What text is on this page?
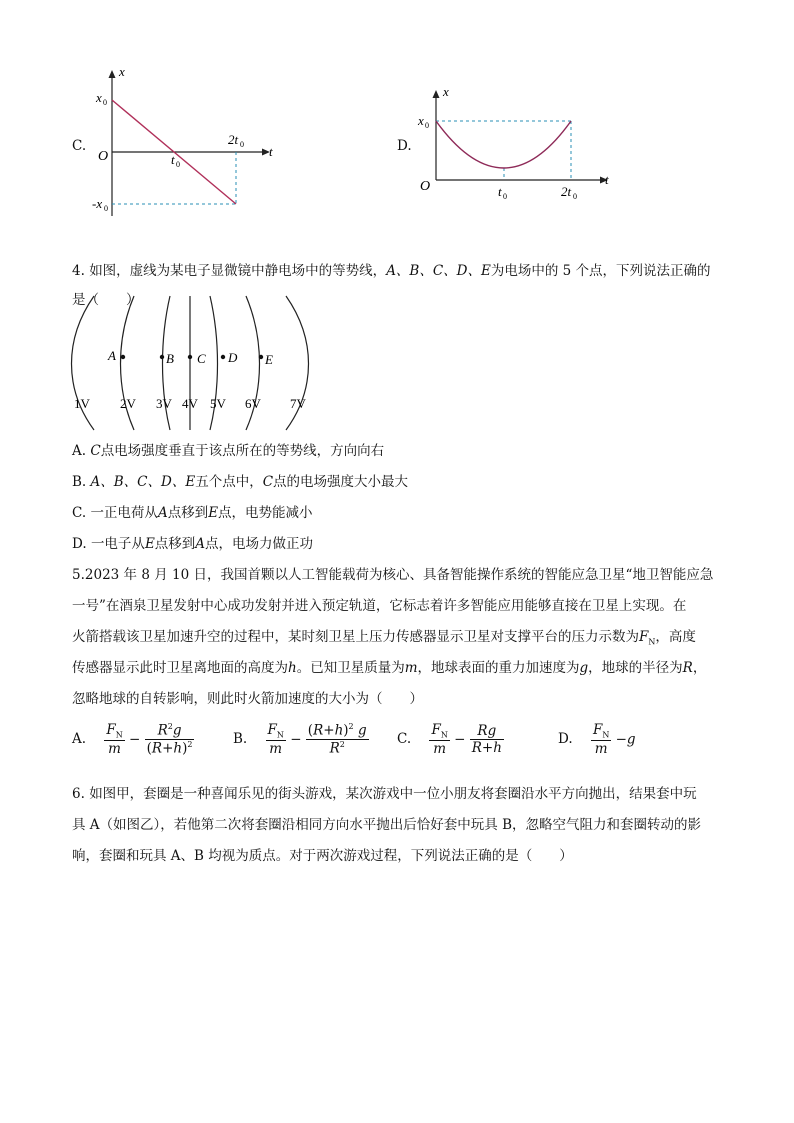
C.
x
t
O
x 0
-x 0
t 0
2t 0	D.
x
t
O
x 0
t 0	2t 0
4. 如图，虚线为某电子显微镜中静电场中的等势线，A、B、C、D、E为电场中的 5 个点，下列说法正确的
是（　　）
A	B C D E
1V 2V 3V 4V 5V 6V 7V
A. C点电场强度垂直于该点所在的等势线，方向向右
B. A、B、C、D、E五个点中，C点的电场强度大小最大
C. 一正电荷从A点移到E点，电势能减小
D. 一电子从E点移到A点，电场力做正功
5.2023 年 8 月 10 日，我国首颗以人工智能载荷为核心、具备智能操作系统的智能应急卫星“地卫智能应急
一号”在酒泉卫星发射中心成功发射并进入预定轨道，它标志着许多智能应用能够直接在卫星上实现。在
火箭搭载该卫星加速升空的过程中，某时刻卫星上压力传感器显示卫星对支撑平台的压力示数为$F_N$，高度
传感器显示此时卫星离地面的高度为h。已知卫星质量为m，地球表面的重力加速度为g，地球的半径为R，
忽略地球的自转影响，则此时火箭加速度的大小为（　　）
A. $\frac{F_N}{m} - \frac{R^2g}{(R+h)^2}$	B. $\frac{F_N}{m} - \frac{(R+h)^2 g}{R^2} C$. $\frac{F_N}{m} - \frac{Rg}{R+h}$	D. $\frac{F_N}{m} -g$
6. 如图甲，套圈是一种喜闻乐见的街头游戏，某次游戏中一位小朋友将套圈沿水平方向抛出，结果套中玩
具 A（如图乙），若他第二次将套圈沿相同方向水平抛出后恰好套中玩具 B，忽略空气阻力和套圈转动的影
响，套圈和玩具 A、B 均视为质点。对于两次游戏过程，下列说法正确的是（　　）
